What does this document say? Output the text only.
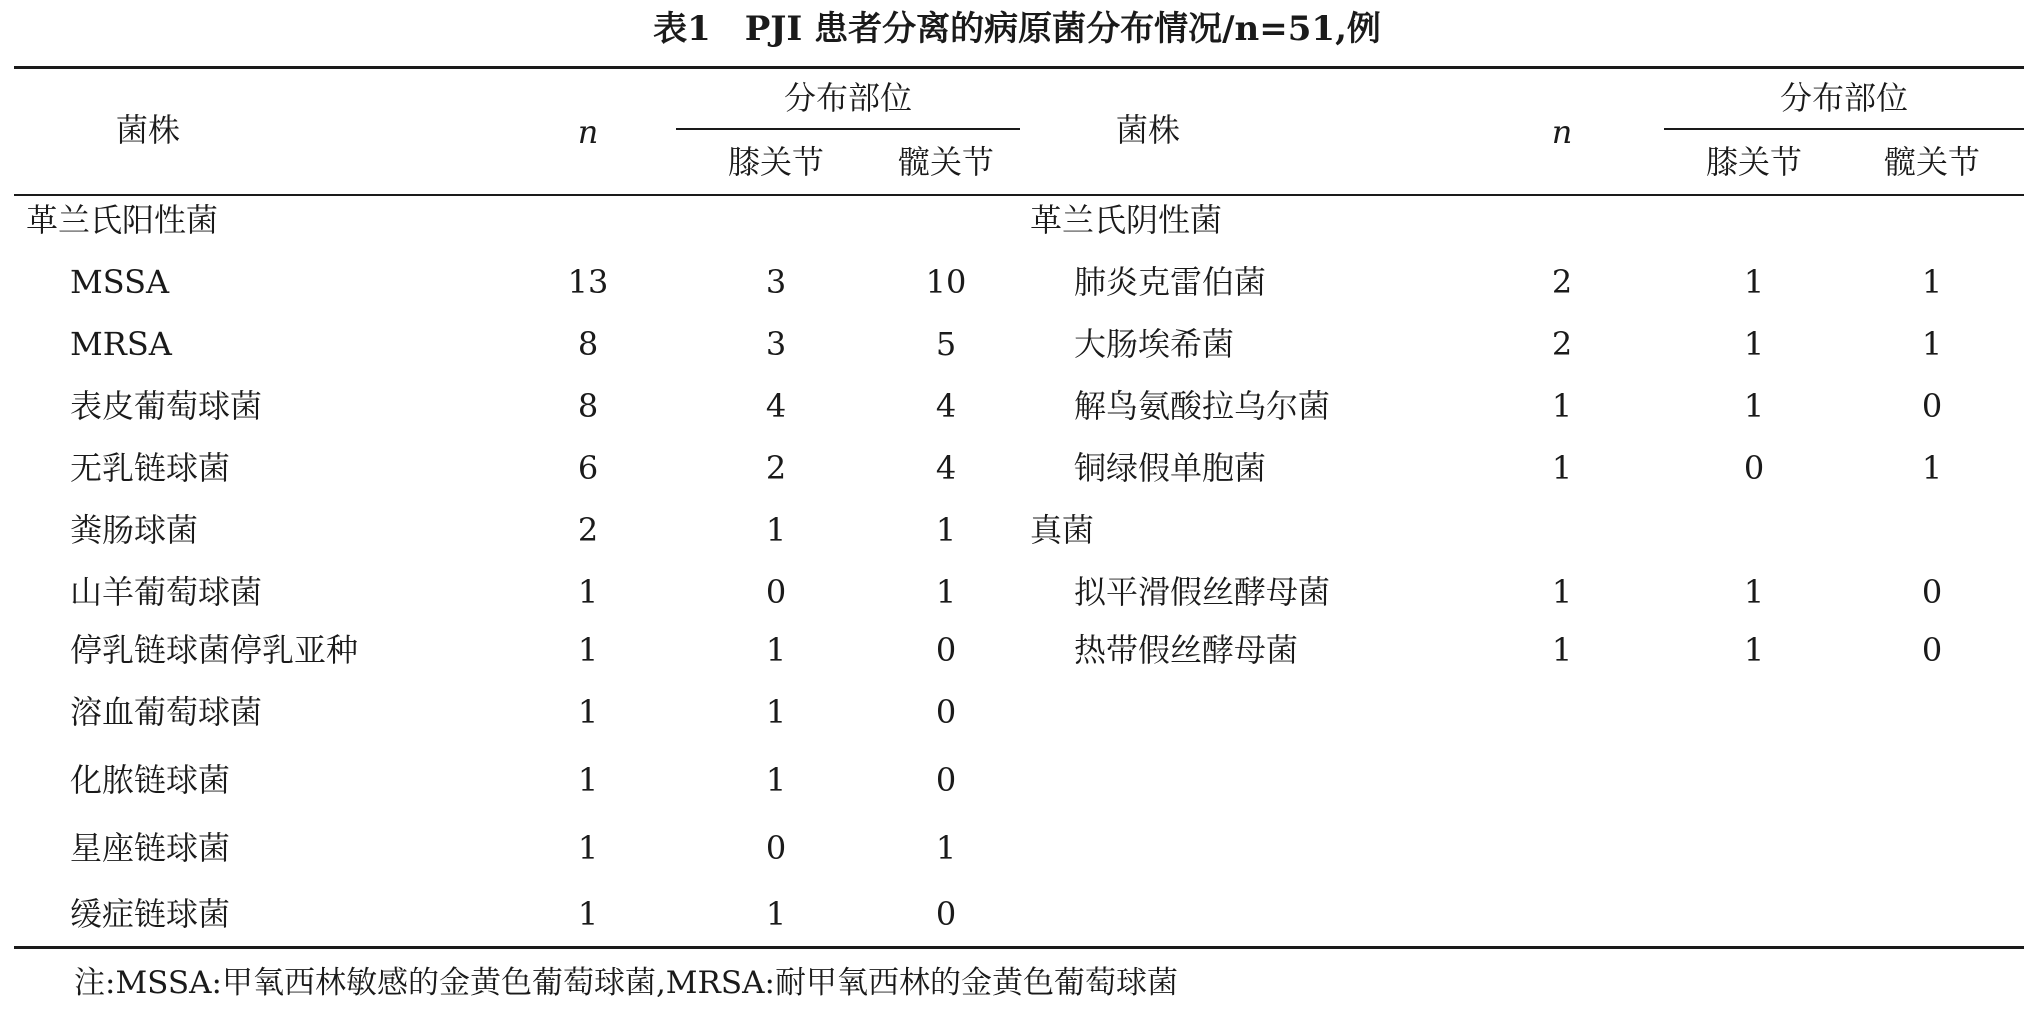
表1　PJI 患者分离的病原菌分布情况/n=51,例
菌株	n
分布部位
膝关节 髋关节
菌株	n
分布部位
膝关节	髋关节
革兰氏阳性菌
MSSA	13	3	10
MRSA	8	3	5
表皮葡萄球菌	8	4	4
无乳链球菌	6	2	4
粪肠球菌	2	1	1
山羊葡萄球菌	1	0	1
停乳链球菌停乳亚种	1	1	0
溶血葡萄球菌	1	1	0
化脓链球菌	1	1	0
星座链球菌	1	0	1
缓症链球菌	1	1	0
革兰氏阴性菌
肺炎克雷伯菌	2	1	1
大肠埃希菌	2	1	1
解鸟氨酸拉乌尔菌	1	1	0
铜绿假单胞菌	1	0	1
真菌
拟平滑假丝酵母菌	1	1	0
热带假丝酵母菌	1	1	0
注:MSSA:甲氧西林敏感的金黄色葡萄球菌,MRSA:耐甲氧西林的金黄色葡萄球菌
